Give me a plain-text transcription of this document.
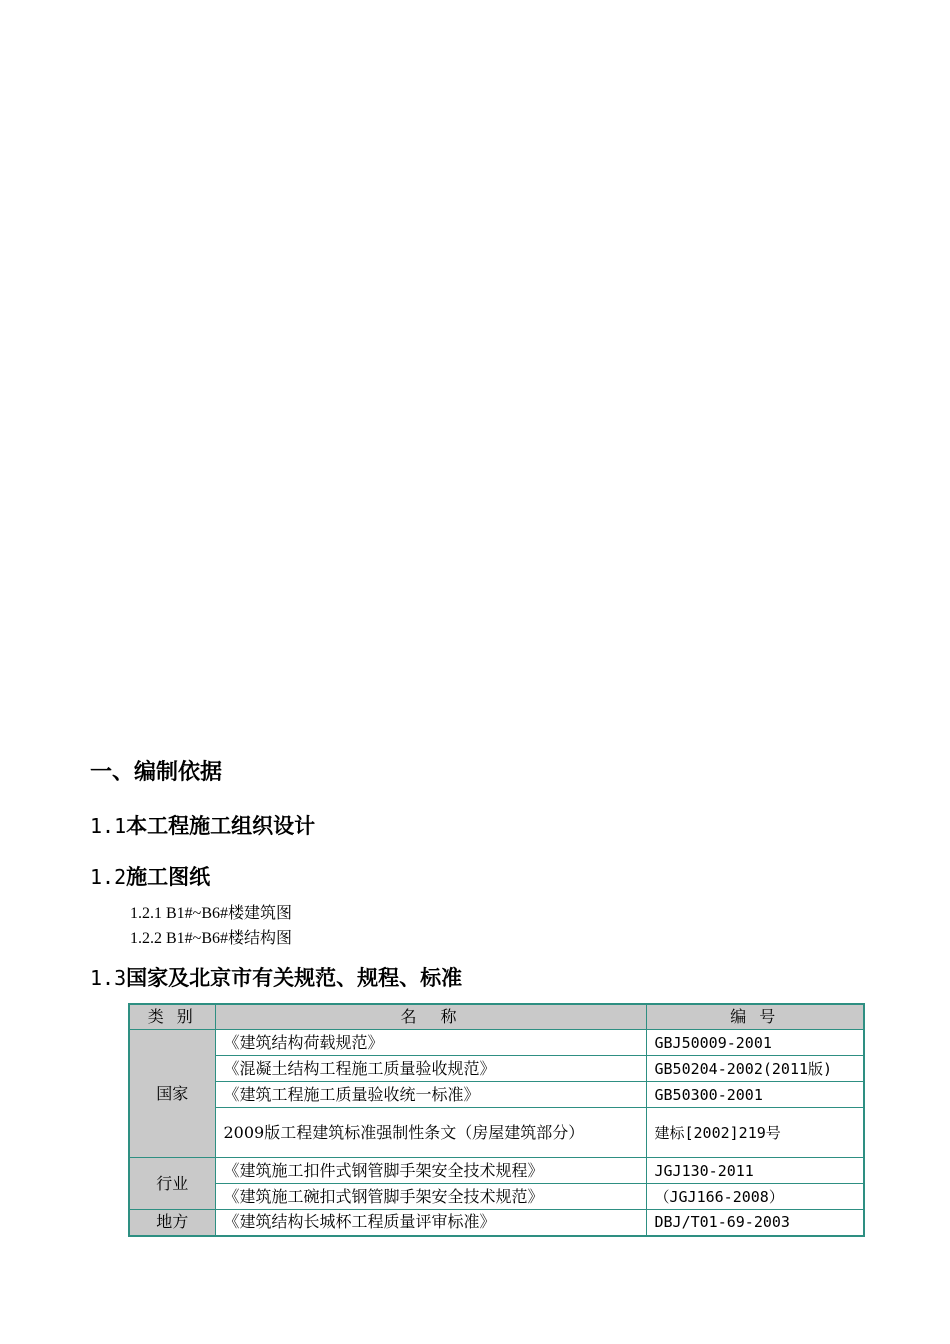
一、编制依据
1.1本工程施工组织设计
1.2施工图纸

1.2.1 B1#~B6#楼建筑图

1.2.2 B1#~B6#楼结构图

1.3国家及北京市有关规范、规程、标准
类 别	名　称	编 号
国家	《建筑结构荷载规范》	GBJ50009-2001
	《混凝土结构工程施工质量验收规范》	GB50204-2002(2011版)
	《建筑工程施工质量验收统一标准》	GB50300-2001
	2009版工程建筑标准强制性条文（房屋建筑部分）	建标[2002]219号
行业	《建筑施工扣件式钢管脚手架安全技术规程》	JGJ130-2011
	《建筑施工碗扣式钢管脚手架安全技术规范》	（JGJ166-2008）
地方	《建筑结构长城杯工程质量评审标准》	DBJ/T01-69-2003
